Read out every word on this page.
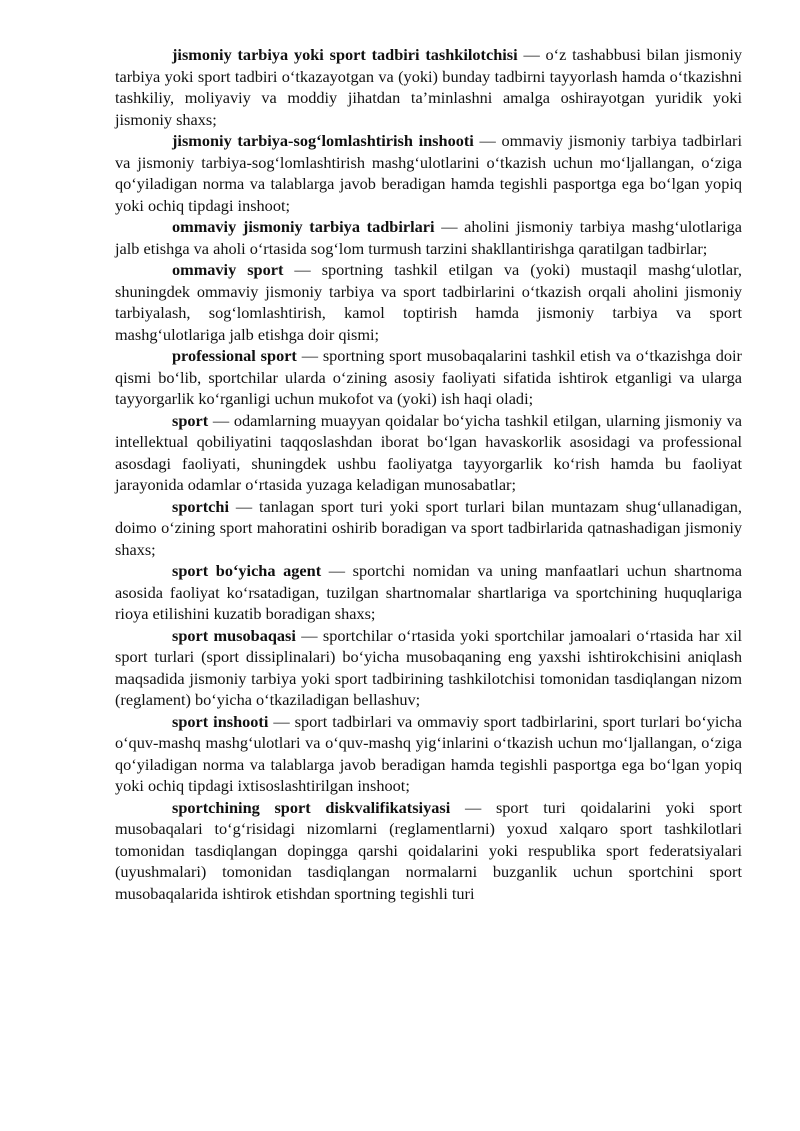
jismoniy tarbiya yoki sport tadbiri tashkilotchisi — o‘z tashabbusi bilan jismoniy tarbiya yoki sport tadbiri o‘tkazayotgan va (yoki) bunday tadbirni tayyorlash hamda o‘tkazishni tashkiliy, moliyaviy va moddiy jihatdan ta’minlashni amalga oshirayotgan yuridik yoki jismoniy shaxs;

jismoniy tarbiya-sog‘lomlashtirish inshooti — ommaviy jismoniy tarbiya tadbirlari va jismoniy tarbiya-sog‘lomlashtirish mashg‘ulotlarini o‘tkazish uchun mo‘ljallangan, o‘ziga qo‘yiladigan norma va talablarga javob beradigan hamda tegishli pasportga ega bo‘lgan yopiq yoki ochiq tipdagi inshoot;

ommaviy jismoniy tarbiya tadbirlari — aholini jismoniy tarbiya mashg‘ulotlariga jalb etishga va aholi o‘rtasida sog‘lom turmush tarzini shakllantirishga qaratilgan tadbirlar;

ommaviy sport — sportning tashkil etilgan va (yoki) mustaqil mashg‘ulotlar, shuningdek ommaviy jismoniy tarbiya va sport tadbirlarini o‘tkazish orqali aholini jismoniy tarbiyalash, sog‘lomlashtirish, kamol toptirish hamda jismoniy tarbiya va sport mashg‘ulotlariga jalb etishga doir qismi;

professional sport — sportning sport musobaqalarini tashkil etish va o‘tkazishga doir qismi bo‘lib, sportchilar ularda o‘zining asosiy faoliyati sifatida ishtirok etganligi va ularga tayyorgarlik ko‘rganligi uchun mukofot va (yoki) ish haqi oladi;

sport — odamlarning muayyan qoidalar bo‘yicha tashkil etilgan, ularning jismoniy va intellektual qobiliyatini taqqoslashdan iborat bo‘lgan havaskorlik asosidagi va professional asosdagi faoliyati, shuningdek ushbu faoliyatga tayyorgarlik ko‘rish hamda bu faoliyat jarayonida odamlar o‘rtasida yuzaga keladigan munosabatlar;

sportchi — tanlagan sport turi yoki sport turlari bilan muntazam shug‘ullanadigan, doimo o‘zining sport mahoratini oshirib boradigan va sport tadbirlarida qatnashadigan jismoniy shaxs;

sport bo‘yicha agent — sportchi nomidan va uning manfaatlari uchun shartnoma asosida faoliyat ko‘rsatadigan, tuzilgan shartnomalar shartlariga va sportchining huquqlariga rioya etilishini kuzatib boradigan shaxs;

sport musobaqasi — sportchilar o‘rtasida yoki sportchilar jamoalari o‘rtasida har xil sport turlari (sport dissiplinalari) bo‘yicha musobaqaning eng yaxshi ishtirokchisini aniqlash maqsadida jismoniy tarbiya yoki sport tadbirining tashkilotchisi tomonidan tasdiqlangan nizom (reglament) bo‘yicha o‘tkaziladigan bellashuv;

sport inshooti — sport tadbirlari va ommaviy sport tadbirlarini, sport turlari bo‘yicha o‘quv-mashq mashg‘ulotlari va o‘quv-mashq yig‘inlarini o‘tkazish uchun mo‘ljallangan, o‘ziga qo‘yiladigan norma va talablarga javob beradigan hamda tegishli pasportga ega bo‘lgan yopiq yoki ochiq tipdagi ixtisoslashtirilgan inshoot;

sportchining sport diskvalifikatsiyasi — sport turi qoidalarini yoki sport musobaqalari to‘g‘risidagi nizomlarni (reglamentlarni) yoxud xalqaro sport tashkilotlari tomonidan tasdiqlangan dopingga qarshi qoidalarini yoki respublika sport federatsiyalari (uyushmalari) tomonidan tasdiqlangan normalarni buzganlik uchun sportchini sport musobaqalarida ishtirok etishdan sportning tegishli turi
